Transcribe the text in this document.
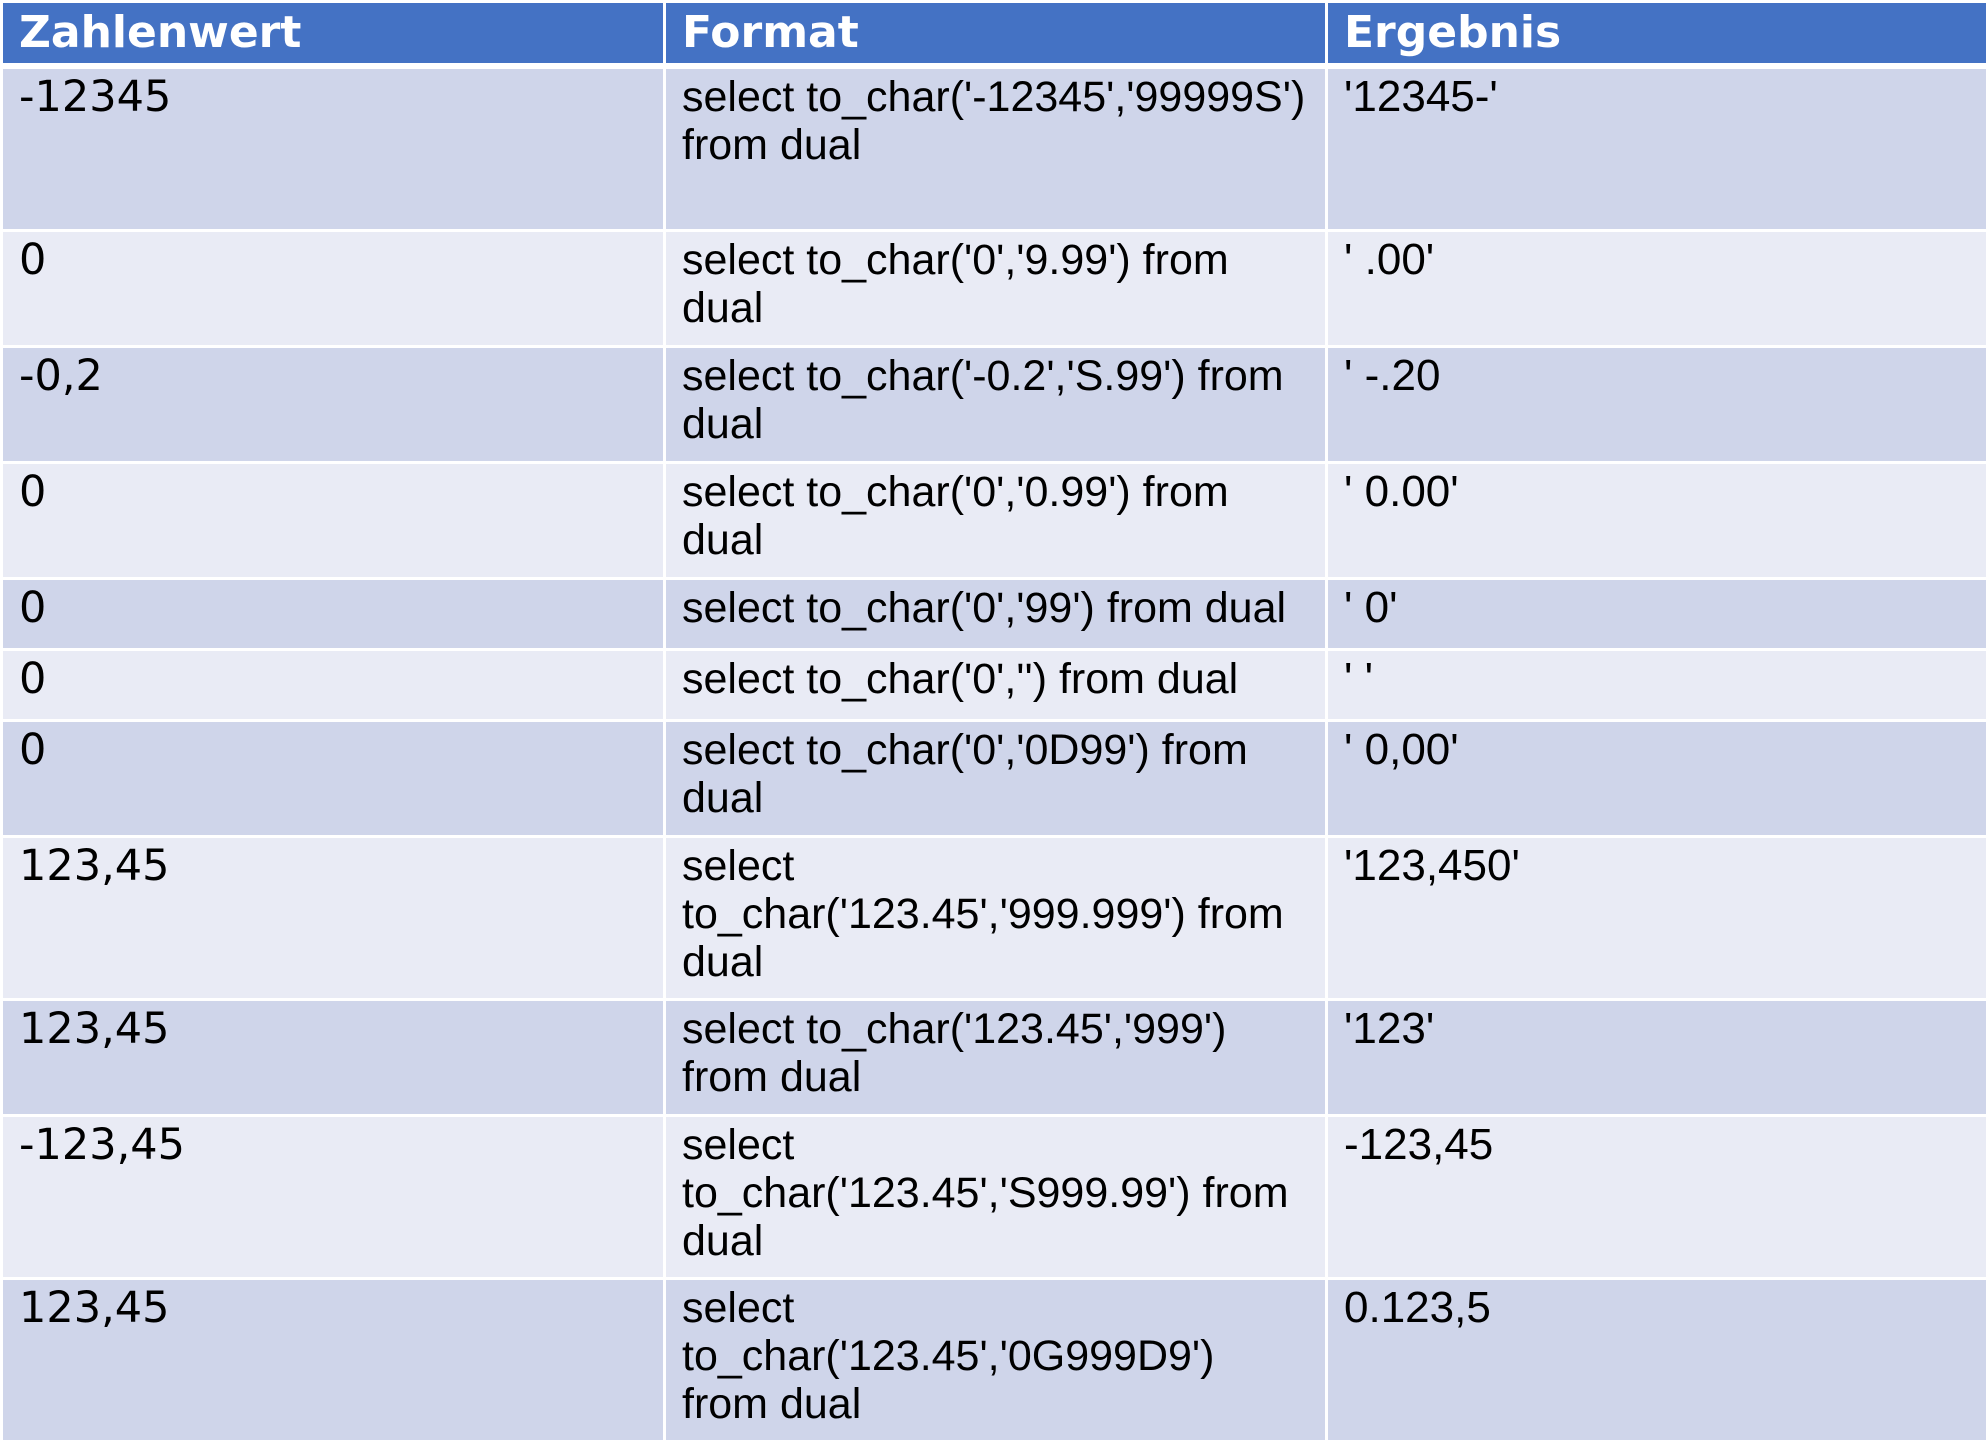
Zahlenwert	Format	Ergebnis
-12345	select to_char('-12345','99999S') from dual	'12345-'
0	select to_char('0','9.99') from dual	' .00'
-0,2	select to_char('-0.2','S.99') from dual	' -.20
0	select to_char('0','0.99') from dual	' 0.00'
0	select to_char('0','99') from dual	' 0'
0	select to_char('0','') from dual	' '
0	select to_char('0','0D99') from dual	' 0,00'
123,45	select to_char('123.45','999.999') from dual	'123,450'
123,45	select to_char('123.45','999') from dual	'123'
-123,45	select to_char('123.45','S999.99') from dual	-123,45
123,45	select to_char('123.45','0G999D9') from dual	0.123,5
